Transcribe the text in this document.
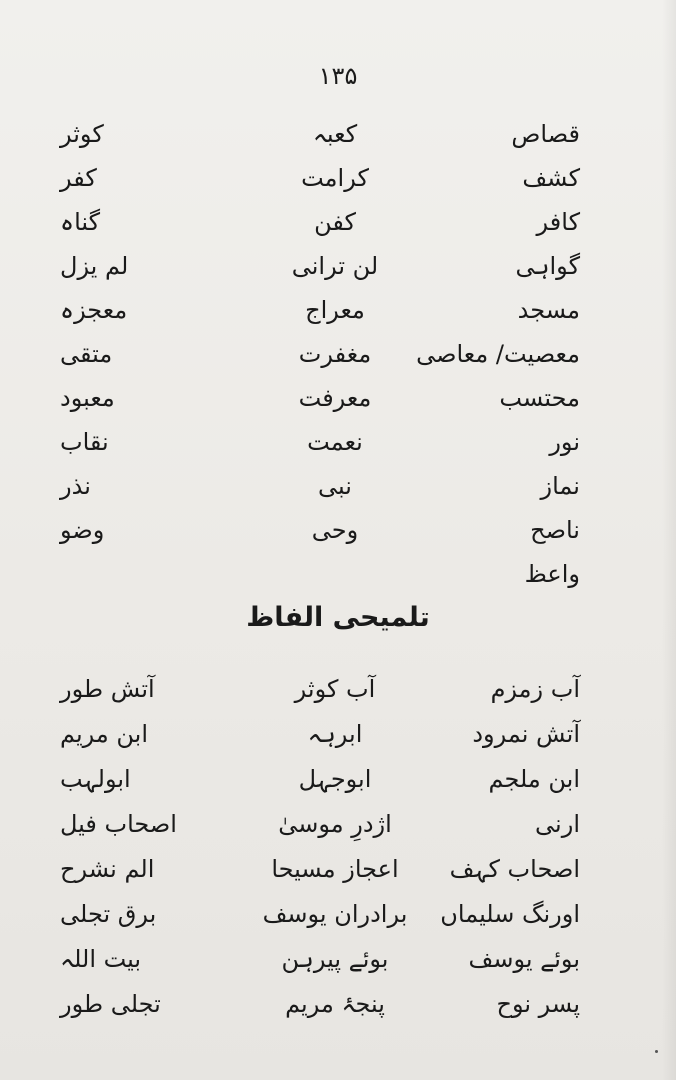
۱۳۵
قصاص
کعبہ
کوثر
کشف
کرامت
کفر
کافر
کفن
گناہ
گواہی
لن ترانی
لم یزل
مسجد
معراج
معجزہ
معصیت/ معاصی
مغفرت
متقی
محتسب
معرفت
معبود
نور
نعمت
نقاب
نماز
نبی
نذر
ناصح
وحی
وضو
واعظ
تلمیحی الفاظ
آب زمزم
آب کوثر
آتش طور
آتش نمرود
ابرہہ
ابن مریم
ابن ملجم
ابوجہل
ابولہب
ارنی
اژدرِ موسیٰ
اصحاب فیل
اصحاب کہف
اعجاز مسیحا
الم نشرح
اورنگ سلیماں
برادران یوسف
برق تجلی
بوئے یوسف
بوئے پیرہن
بیت اللہ
پسر نوح
پنجۂ مریم
تجلی طور
